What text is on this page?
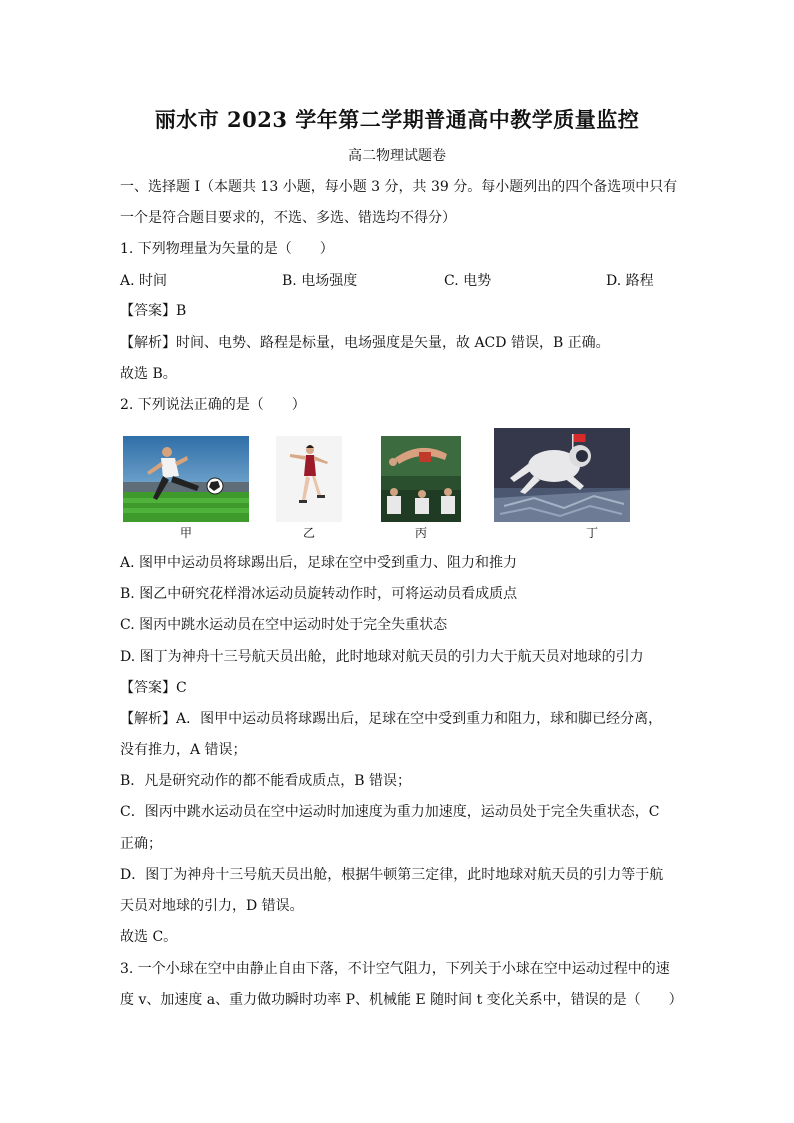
丽水市 2023 学年第二学期普通高中教学质量监控
高二物理试题卷
一、选择题 I（本题共 13 小题，每小题 3 分，共 39 分。每小题列出的四个备选项中只有
一个是符合题目要求的，不选、多选、错选均不得分）
1. 下列物理量为矢量的是（　　）
A. 时间	B. 电场强度	C. 电势	D. 路程
【答案】B
【解析】时间、电势、路程是标量，电场强度是矢量，故 ACD 错误，B 正确。
故选 B。
2. 下列说法正确的是（　　）
甲	乙	丙	丁
A. 图甲中运动员将球踢出后，足球在空中受到重力、阻力和推力
B. 图乙中研究花样滑冰运动员旋转动作时，可将运动员看成质点
C. 图丙中跳水运动员在空中运动时处于完全失重状态
D. 图丁为神舟十三号航天员出舱，此时地球对航天员的引力大于航天员对地球的引力
【答案】C
【解析】A．图甲中运动员将球踢出后，足球在空中受到重力和阻力，球和脚已经分离，
没有推力，A 错误；
B．凡是研究动作的都不能看成质点，B 错误；
C．图丙中跳水运动员在空中运动时加速度为重力加速度，运动员处于完全失重状态，C
正确；
D．图丁为神舟十三号航天员出舱，根据牛顿第三定律，此时地球对航天员的引力等于航
天员对地球的引力，D 错误。
故选 C。
3. 一个小球在空中由静止自由下落，不计空气阻力，下列关于小球在空中运动过程中的速
度 v、加速度 a、重力做功瞬时功率 P、机械能 E 随时间 t 变化关系中，错误的是（　　）
